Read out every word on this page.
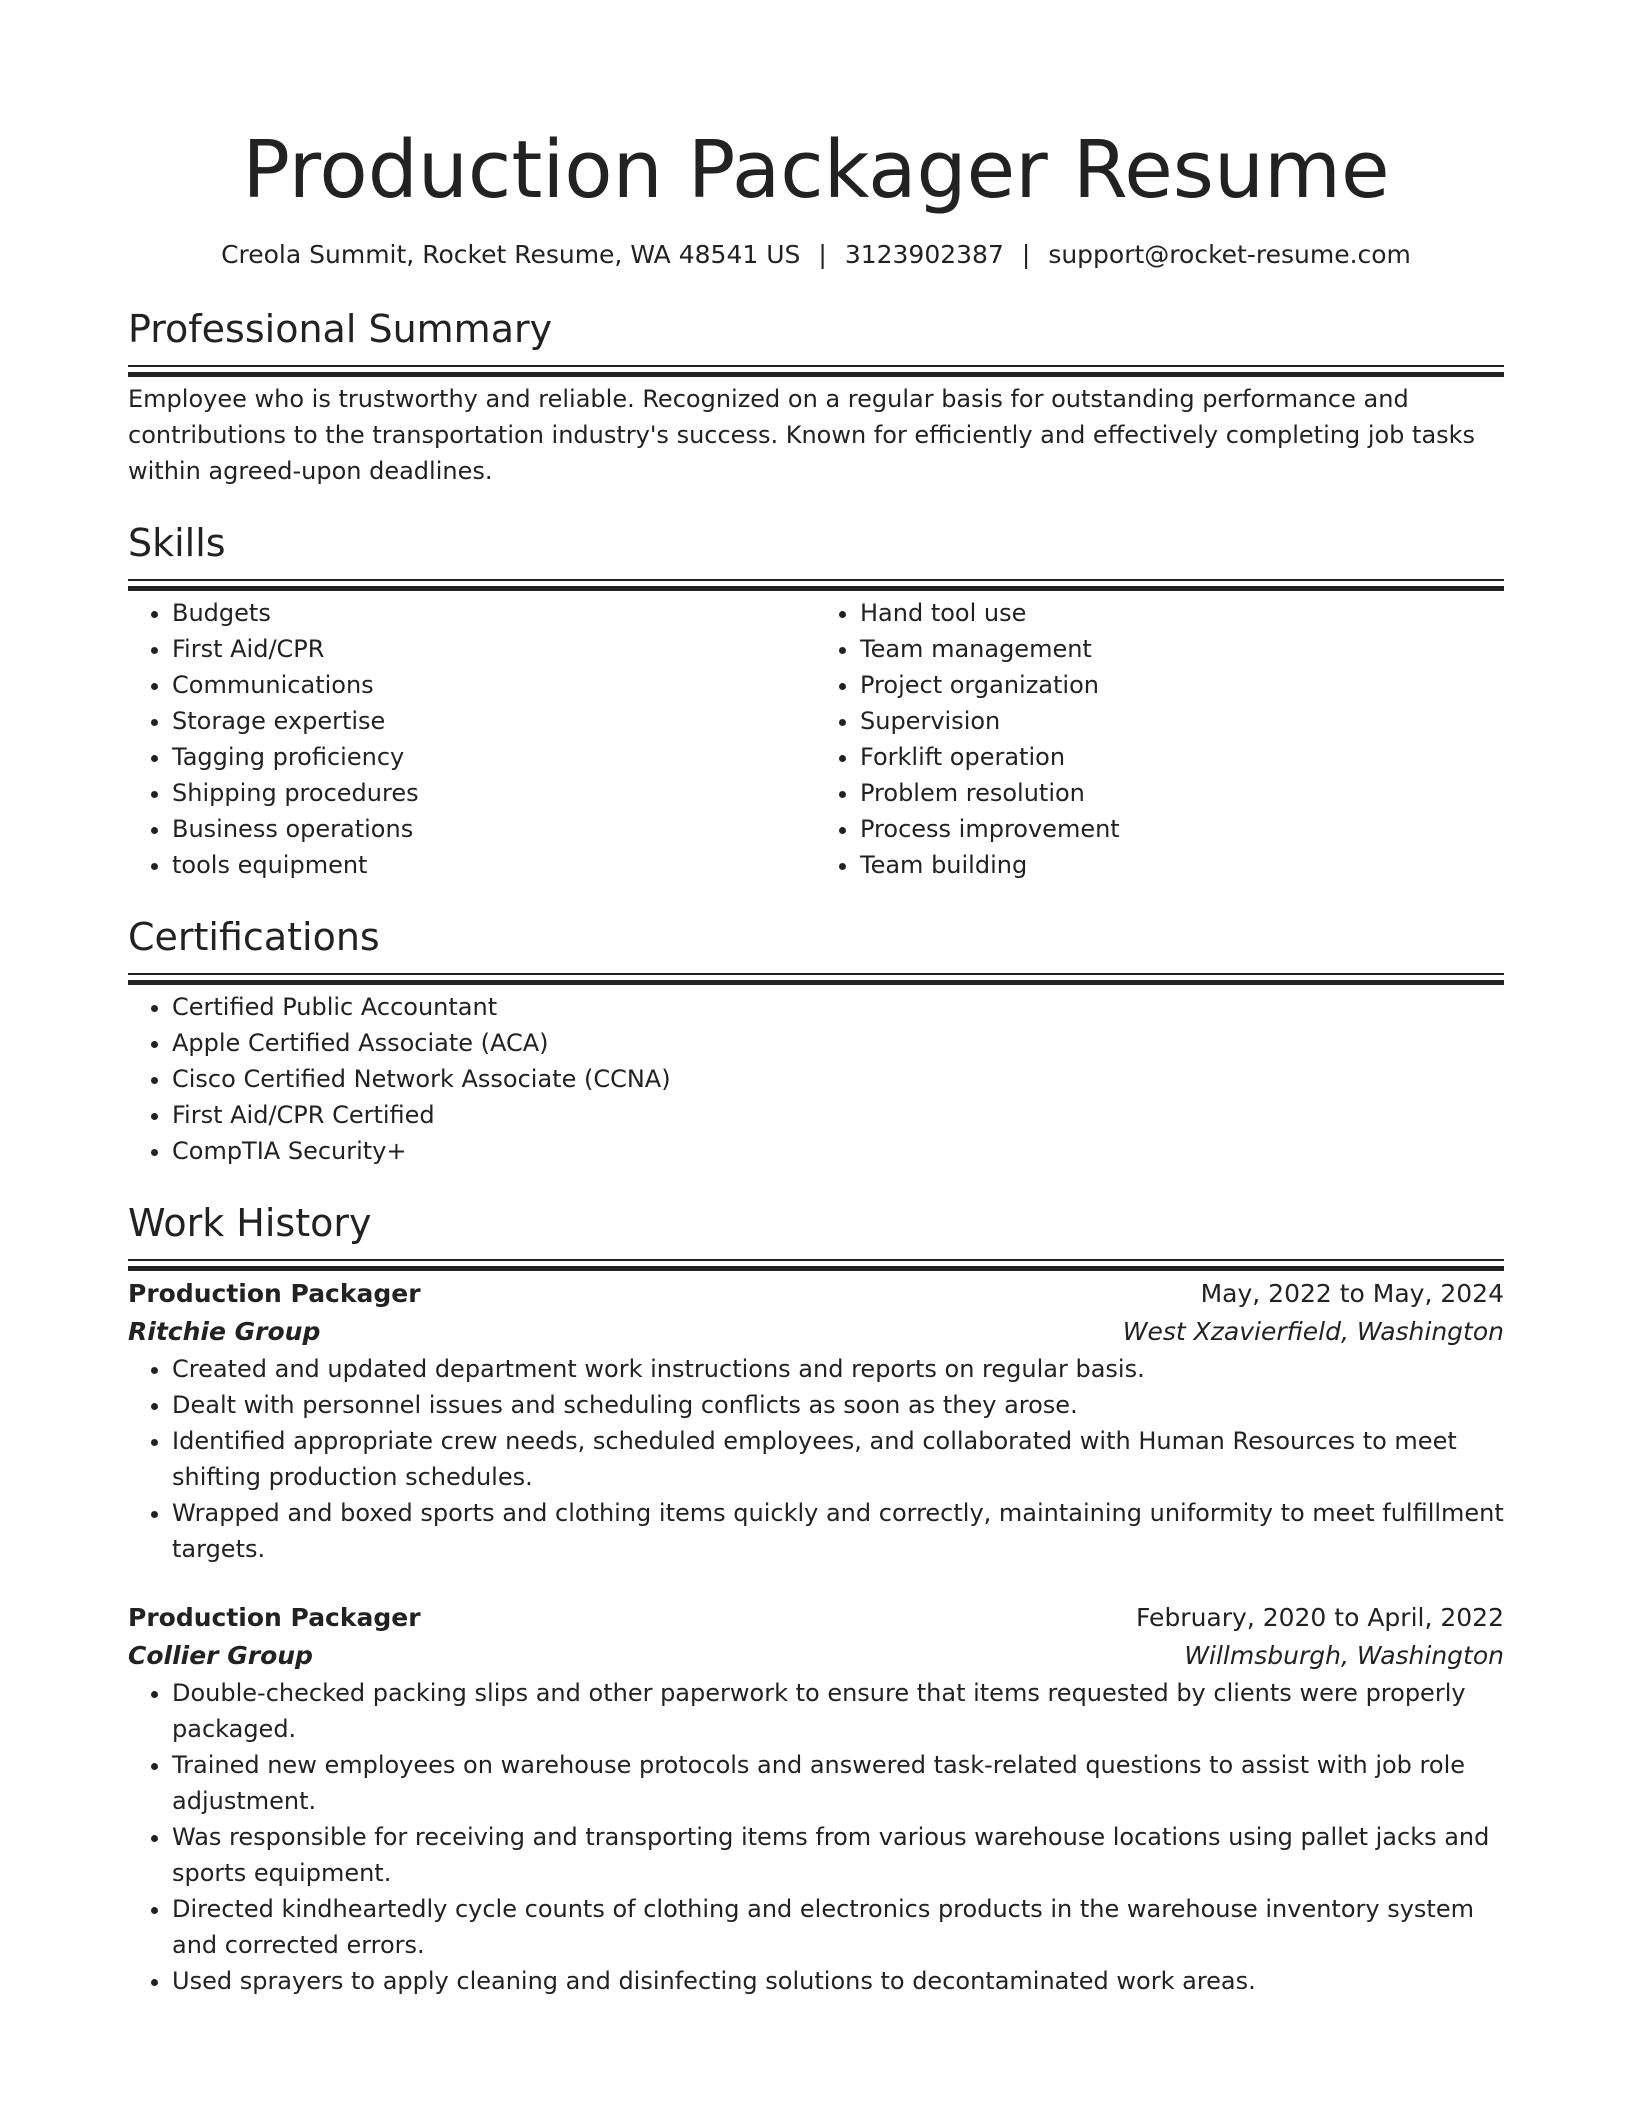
Production Packager Resume
Creola Summit, Rocket Resume, WA 48541 US | 3123902387 | support@rocket-resume.com
Professional Summary

Employee who is trustworthy and reliable. Recognized on a regular basis for outstanding performance and contributions to the transportation industry's success. Known for efficiently and effectively completing job tasks within agreed-upon deadlines.

Skills
• Budgets
• First Aid/CPR
• Communications
• Storage expertise
• Tagging proficiency
• Shipping procedures
• Business operations
• tools equipment
• Hand tool use
• Team management
• Project organization
• Supervision
• Forklift operation
• Problem resolution
• Process improvement
• Team building
Certifications
• Certified Public Accountant
• Apple Certified Associate (ACA)
• Cisco Certified Network Associate (CCNA)
• First Aid/CPR Certified
• CompTIA Security+
Work History
Production Packager	May, 2022 to May, 2024
Ritchie Group	West Xzavierfield, Washington
• Created and updated department work instructions and reports on regular basis.
• Dealt with personnel issues and scheduling conflicts as soon as they arose.
• Identified appropriate crew needs, scheduled employees, and collaborated with Human Resources to meet shifting production schedules.
• Wrapped and boxed sports and clothing items quickly and correctly, maintaining uniformity to meet fulfillment targets.
Production Packager	February, 2020 to April, 2022
Collier Group	Willmsburgh, Washington
• Double-checked packing slips and other paperwork to ensure that items requested by clients were properly packaged.
• Trained new employees on warehouse protocols and answered task-related questions to assist with job role adjustment.
• Was responsible for receiving and transporting items from various warehouse locations using pallet jacks and sports equipment.
• Directed kindheartedly cycle counts of clothing and electronics products in the warehouse inventory system and corrected errors.
• Used sprayers to apply cleaning and disinfecting solutions to decontaminated work areas.
